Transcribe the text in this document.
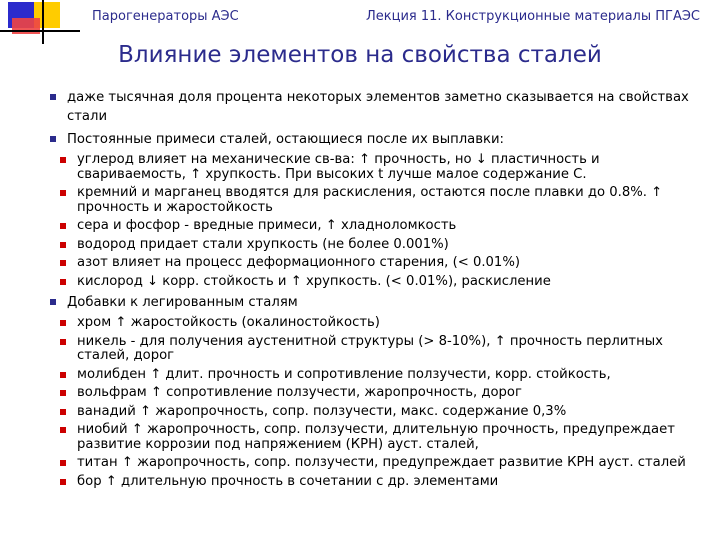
Парогенераторы АЭС	Лекция 11. Конструкционные материалы ПГАЭС
Влияние элементов на свойства сталей
даже тысячная доля процента некоторых элементов заметно сказывается на свойствах стали
Постоянные примеси сталей, остающиеся после их выплавки:
углерод влияет на механические св-ва: ↑ прочность, но ↓ пластичность и свариваемость, ↑ хрупкость. При высоких t лучше малое содержание С.
кремний и марганец вводятся для раскисления, остаются после плавки до 0.8%. ↑ прочность и жаростойкость
сера и фосфор - вредные примеси, ↑ хладноломкость
водород придает стали хрупкость (не более 0.001%)
азот влияет на процесс деформационного старения, (< 0.01%)
кислород ↓ корр. стойкость и ↑ хрупкость. (< 0.01%), раскисление
Добавки к легированным сталям
хром ↑ жаростойкость (окалиностойкость)
никель - для получения аустенитной структуры (> 8-10%), ↑ прочность перлитных сталей, дорог
молибден ↑ длит. прочность и сопротивление ползучести, корр. стойкость,
вольфрам ↑ сопротивление ползучести, жаропрочность, дорог
ванадий ↑ жаропрочность, сопр. ползучести, макс. содержание 0,3%
ниобий ↑ жаропрочность, сопр. ползучести, длительную прочность, предупреждает развитие коррозии под напряжением (КРН) ауст. сталей,
титан ↑ жаропрочность, сопр. ползучести, предупреждает развитие КРН ауст. сталей
бор ↑ длительную прочность в сочетании с др. элементами
